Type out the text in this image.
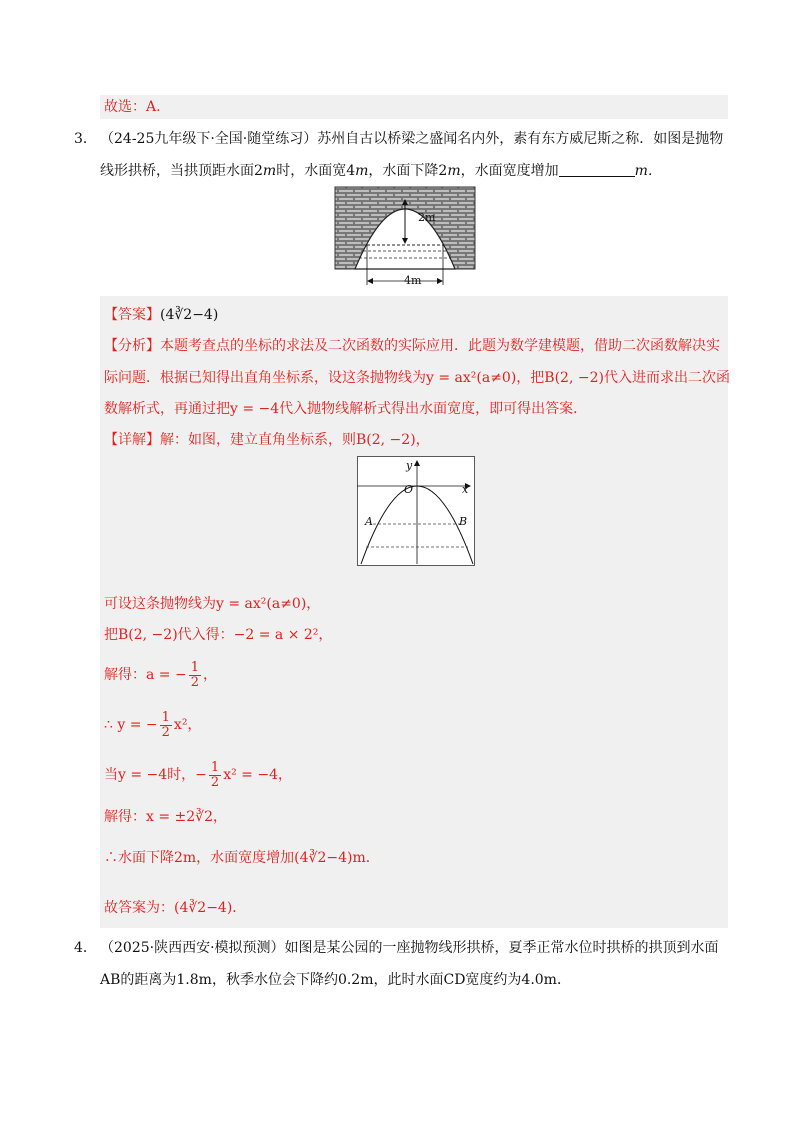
故选：A.
3． （24-25九年级下·全国·随堂练习）苏州自古以桥梁之盛闻名内外，素有东方威尼斯之称．如图是抛物
线形拱桥，当拱顶距水面2m时，水面宽4m，水面下降2m，水面宽度增加	m．
2m
4m
【答案】(4∛2−4)
【分析】本题考查点的坐标的求法及二次函数的实际应用．此题为数学建模题，借助二次函数解决实
际问题．根据已知得出直角坐标系，设这条抛物线为y = ax²(a≠0)，把B(2, −2)代入进而求出二次函
数解析式，再通过把y = −4代入抛物线解析式得出水面宽度，即可得出答案．
【详解】解：如图，建立直角坐标系，则B(2, −2)，
y
x
O
A	B
可设这条抛物线为y = ax²(a≠0)，
把B(2, −2)代入得：−2 = a × 2²，
解得：a = − $\frac{1}{2}$ ，
∴ y = − $\frac{1}{2} x^2$，
当y = −4时，− $\frac{1}{2} x^2 = -4$，
解得：x = ±2∛2，
∴水面下降2m，水面宽度增加(4∛2−4)m．
故答案为：(4∛2−4)．
4． （2025·陕西西安·模拟预测）如图是某公园的一座抛物线形拱桥，夏季正常水位时拱桥的拱顶到水面
AB的距离为1.8m，秋季水位会下降约0.2m，此时水面CD宽度约为4.0m．
